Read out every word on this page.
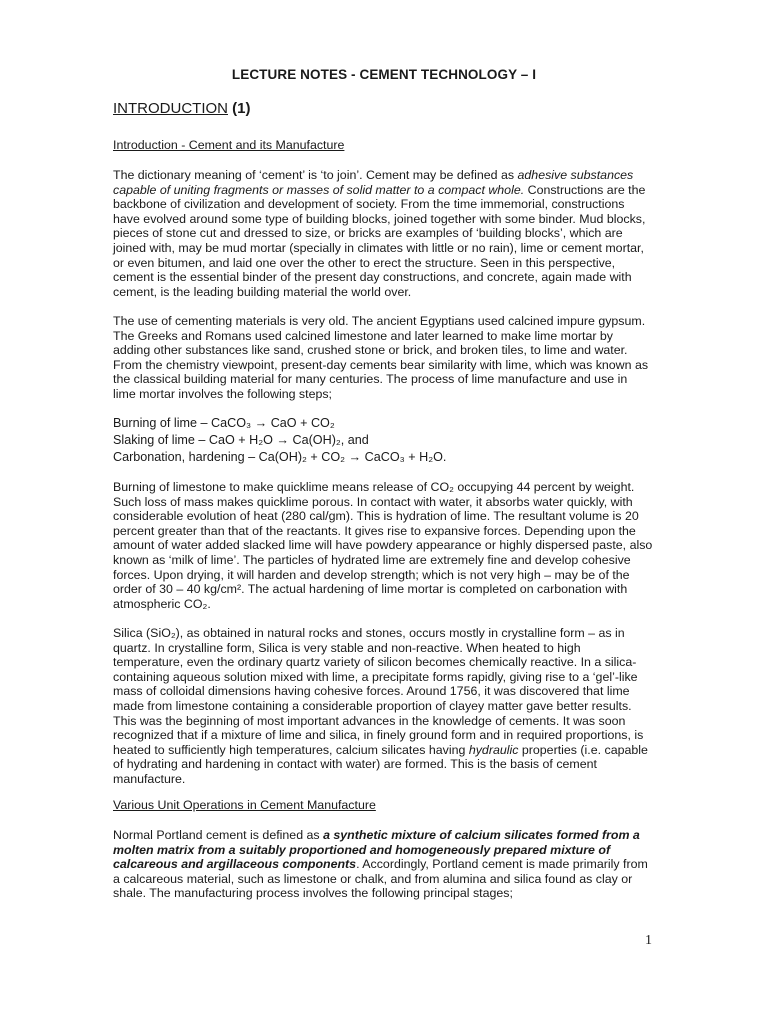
LECTURE NOTES - CEMENT TECHNOLOGY – I
INTRODUCTION (1)

Introduction - Cement and its Manufacture

The dictionary meaning of ‘cement’ is ‘to join’. Cement may be defined as adhesive substances capable of uniting fragments or masses of solid matter to a compact whole. Constructions are the backbone of civilization and development of society. From the time immemorial, constructions have evolved around some type of building blocks, joined together with some binder. Mud blocks, pieces of stone cut and dressed to size, or bricks are examples of ‘building blocks’, which are joined with, may be mud mortar (specially in climates with little or no rain), lime or cement mortar, or even bitumen, and laid one over the other to erect the structure. Seen in this perspective, cement is the essential binder of the present day constructions, and concrete, again made with cement, is the leading building material the world over.

The use of cementing materials is very old. The ancient Egyptians used calcined impure gypsum. The Greeks and Romans used calcined limestone and later learned to make lime mortar by adding other substances like sand, crushed stone or brick, and broken tiles, to lime and water. From the chemistry viewpoint, present-day cements bear similarity with lime, which was known as the classical building material for many centuries. The process of lime manufacture and use in lime mortar involves the following steps;

Burning of lime – CaCO₃ → CaO + CO₂

Slaking of lime – CaO + H₂O → Ca(OH)₂, and

Carbonation, hardening – Ca(OH)₂ + CO₂ → CaCO₃ + H₂O.

Burning of limestone to make quicklime means release of CO₂ occupying 44 percent by weight. Such loss of mass makes quicklime porous. In contact with water, it absorbs water quickly, with considerable evolution of heat (280 cal/gm). This is hydration of lime. The resultant volume is 20 percent greater than that of the reactants. It gives rise to expansive forces. Depending upon the amount of water added slacked lime will have powdery appearance or highly dispersed paste, also known as ‘milk of lime’. The particles of hydrated lime are extremely fine and develop cohesive forces. Upon drying, it will harden and develop strength; which is not very high – may be of the order of 30 – 40 kg/cm². The actual hardening of lime mortar is completed on carbonation with atmospheric CO₂.

Silica (SiO₂), as obtained in natural rocks and stones, occurs mostly in crystalline form – as in quartz. In crystalline form, Silica is very stable and non-reactive. When heated to high temperature, even the ordinary quartz variety of silicon becomes chemically reactive. In a silica-containing aqueous solution mixed with lime, a precipitate forms rapidly, giving rise to a ‘gel’-like mass of colloidal dimensions having cohesive forces. Around 1756, it was discovered that lime made from limestone containing a considerable proportion of clayey matter gave better results. This was the beginning of most important advances in the knowledge of cements. It was soon recognized that if a mixture of lime and silica, in finely ground form and in required proportions, is heated to sufficiently high temperatures, calcium silicates having hydraulic properties (i.e. capable of hydrating and hardening in contact with water) are formed. This is the basis of cement manufacture.

Various Unit Operations in Cement Manufacture

Normal Portland cement is defined as a synthetic mixture of calcium silicates formed from a molten matrix from a suitably proportioned and homogeneously prepared mixture of calcareous and argillaceous components. Accordingly, Portland cement is made primarily from a calcareous material, such as limestone or chalk, and from alumina and silica found as clay or shale. The manufacturing process involves the following principal stages;

1
